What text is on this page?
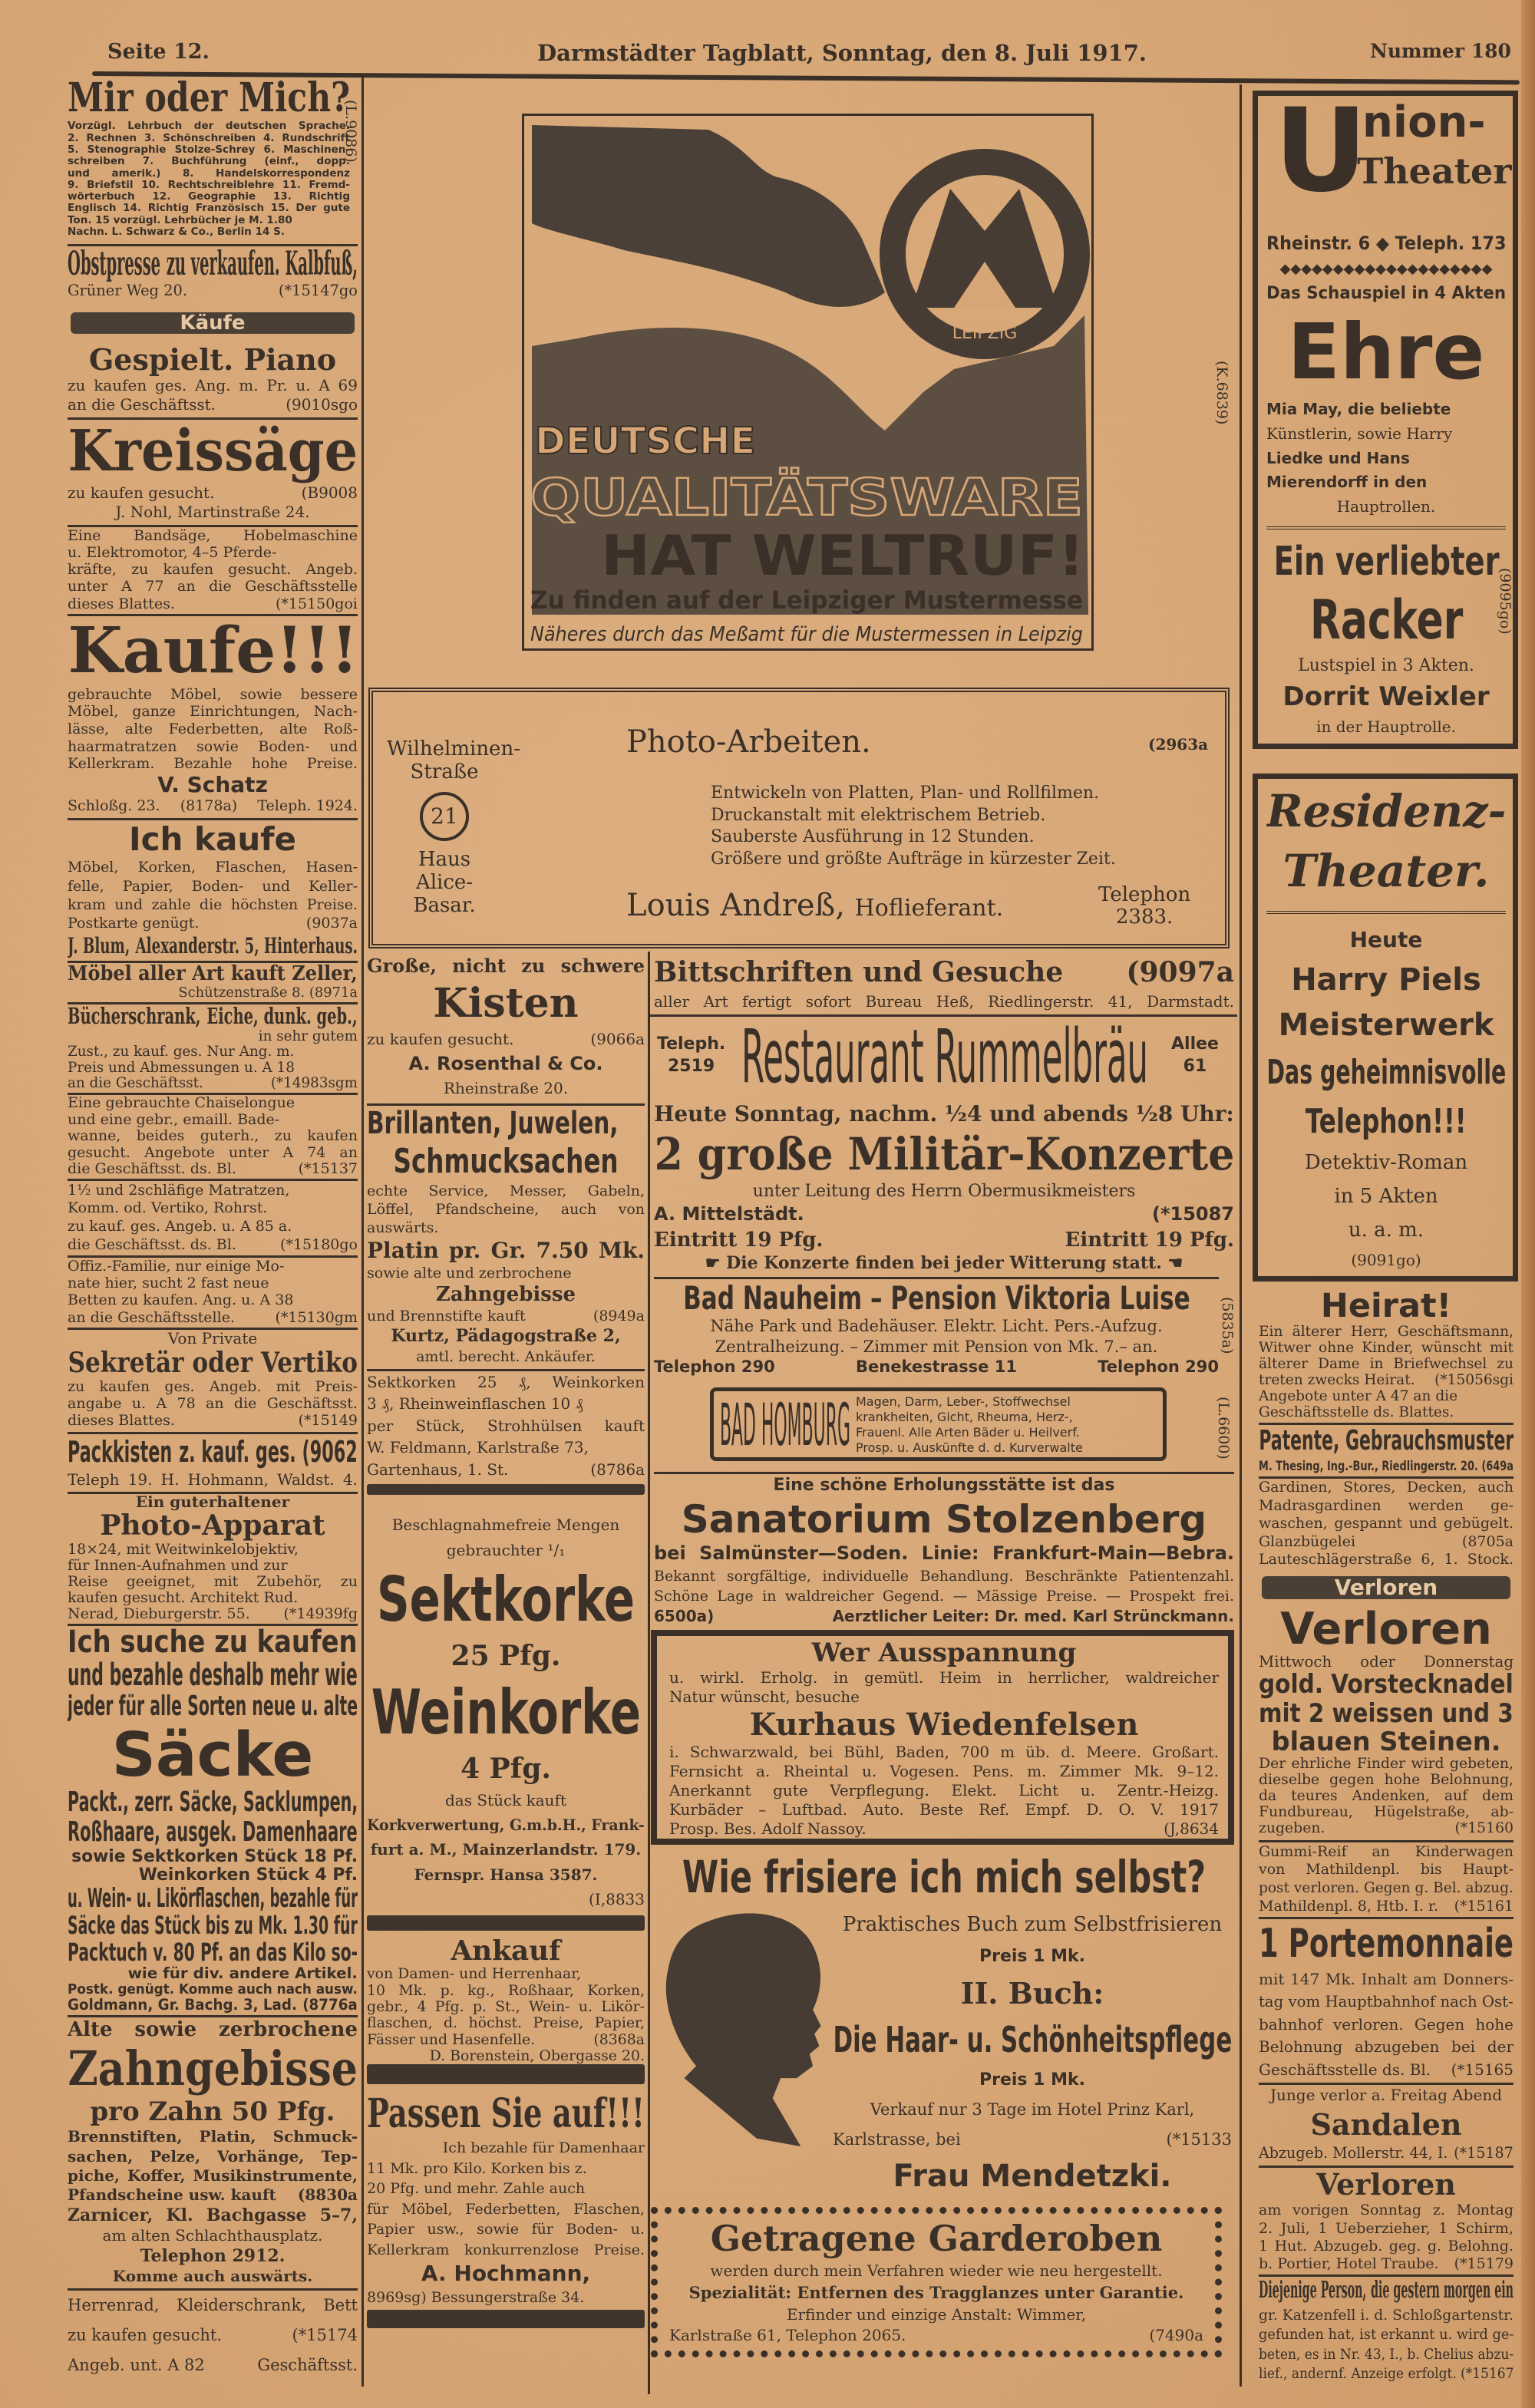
Seite 12.	Darmstädter Tagblatt, Sonntag, den 8. Juli 1917.	Nummer 180
(L.9086)
(K.6839)
(9095go)
(5835a)
(L.6600)
LEIPZIG
DEUTSCHE
QUALITÄTSWARE
HAT WELTRUF!
Zu finden auf der Leipziger Mustermesse
Näheres durch das Meßamt für die Mustermessen in Leipzig
Wilhelminen-
Straße
21
Haus Alice-
Basar.
Photo-Arbeiten.	(2963a
Entwickeln von Platten, Plan- und Rollfilmen.
Druckanstalt mit elektrischem Betrieb.
Sauberste Ausführung in 12 Stunden.
Größere und größte Aufträge in kürzester Zeit.
Louis Andreß, Hoflieferant.	Telephon
2383.
Teleph.
2519 Restaurant Rummelbräu Allee
61
BAD HOMBURG Magen, Darm, Leber-, Stoffwechsel
krankheiten, Gicht, Rheuma, Herz-,
Frauenl. Alle Arten Bäder u. Heilverf.
Prosp. u. Auskünfte d. d. Kurverwalte
U
nion-
Theater
Mir oder Mich?
Vorzügl. Lehrbuch der deutschen Sprache.
2. Rechnen 3. Schönschreiben 4. Rundschrift
5. Stenographie Stolze-Schrey 6. Maschinen-
schreiben 7. Buchführung (einf., dopp.
und amerik.) 8. Handelskorrespondenz
9. Briefstil 10. Rechtschreiblehre 11. Fremd-
wörterbuch 12. Geographie 13. Richtig
Englisch 14. Richtig Französisch 15. Der gute
Ton. 15 vorzügl. Lehrbücher je M. 1.80
Nachn. L. Schwarz & Co., Berlin 14 S.
Obstpresse zu verkaufen. Kalbfuß,
Grüner Weg 20.	(*15147go
Käufe
Gespielt. Piano
zu kaufen ges. Ang. m. Pr. u. A 69
an die Geschäftsst.	(9010sgo
Kreissäge
zu kaufen gesucht.	(B9008
J. Nohl, Martinstraße 24.
Eine Bandsäge, Hobelmaschine
u. Elektromotor, 4–5 Pferde-
kräfte, zu kaufen gesucht. Angeb.
unter A 77 an die Geschäftsstelle
dieses Blattes.	(*15150goi
Kaufe!!!
gebrauchte Möbel, sowie bessere
Möbel, ganze Einrichtungen, Nach-
lässe, alte Federbetten, alte Roß-
haarmatratzen sowie Boden- und
Kellerkram. Bezahle hohe Preise.
V. Schatz
Schloßg. 23. (8178a) Teleph. 1924.
Ich kaufe
Möbel, Korken, Flaschen, Hasen-
felle, Papier, Boden- und Keller-
kram und zahle die höchsten Preise.
Postkarte genügt.	(9037a
J. Blum, Alexanderstr. 5, Hinterhaus.
Möbel aller Art kauft Zeller,
Schützenstraße 8. (8971a
Bücherschrank, Eiche, dunk. geb.,
in sehr gutem
Zust., zu kauf. ges. Nur Ang. m.
Preis und Abmessungen u. A 18
an die Geschäftsst.	(*14983sgm
Eine gebrauchte Chaiselongue
und eine gebr., emaill. Bade-
wanne, beides guterh., zu kaufen
gesucht. Angebote unter A 74 an
die Geschäftsst. ds. Bl.	(*15137
1½ und 2schläfige Matratzen,
Komm. od. Vertiko, Rohrst.
zu kauf. ges. Angeb. u. A 85 a.
die Geschäftsst. ds. Bl.	(*15180go
Offiz.-Familie, nur einige Mo-
nate hier, sucht 2 fast neue
Betten zu kaufen. Ang. u. A 38
an die Geschäftsstelle.	(*15130gm
Von Private
Sekretär oder Vertiko
zu kaufen ges. Angeb. mit Preis-
angabe u. A 78 an die Geschäftsst.
dieses Blattes.	(*15149
Packkisten z. kauf. ges. (9062
Teleph 19. H. Hohmann, Waldst. 4.
Ein guterhaltener
Photo-Apparat
18×24, mit Weitwinkelobjektiv,
für Innen-Aufnahmen und zur
Reise geeignet, mit Zubehör, zu
kaufen gesucht. Architekt Rud.
Nerad, Dieburgerstr. 55. (*14939fg
Ich suche zu kaufen
und bezahle deshalb mehr wie
jeder für alle Sorten neue u. alte
Säcke
Packt., zerr. Säcke, Sacklumpen,
Roßhaare, ausgek. Damenhaare
sowie Sektkorken Stück 18 Pf.
Weinkorken Stück 4 Pf.
u. Wein- u. Likörflaschen, bezahle für
Säcke das Stück bis zu Mk. 1.30 für
Packtuch v. 80 Pf. an das Kilo so-
wie für div. andere Artikel.
Postk. genügt. Komme auch nach ausw.
Goldmann, Gr. Bachg. 3, Lad. (8776a
Alte sowie zerbrochene
Zahngebisse
pro Zahn 50 Pfg.
Brennstiften, Platin, Schmuck-
sachen, Pelze, Vorhänge, Tep-
piche, Koffer, Musikinstrumente,
Pfandscheine usw. kauft (8830a
Zarnicer, Kl. Bachgasse 5–7,
am alten Schlachthausplatz.
Telephon 2912.
Komme auch auswärts.
Herrenrad, Kleiderschrank, Bett
zu kaufen gesucht.	(*15174
Angeb. unt. A 82	Geschäftsst.
Große, nicht zu schwere
Kisten
zu kaufen gesucht.	(9066a
A. Rosenthal & Co.
Rheinstraße 20.
Brillanten, Juwelen,
Schmucksachen
echte Service, Messer, Gabeln,
Löffel, Pfandscheine, auch von
auswärts.
Platin pr. Gr. 7.50 Mk.
sowie alte und zerbrochene
Zahngebisse
und Brennstifte kauft	(8949a
Kurtz, Pädagogstraße 2,
amtl. berecht. Ankäufer.
Sektkorken 25 ₰, Weinkorken
3 ₰, Rheinweinflaschen 10 ₰
per Stück, Strohhülsen kauft
W. Feldmann, Karlstraße 73,
Gartenhaus, 1. St.	(8786a
Beschlagnahmefreie Mengen
gebrauchter ¹/₁
Sektkorke
25 Pfg.
Weinkorke
4 Pfg.
das Stück kauft
Korkverwertung, G.m.b.H., Frank-
furt a. M., Mainzerlandstr. 179.
Fernspr. Hansa 3587.
(I,8833
Ankauf
von Damen- und Herrenhaar,
10 Mk. p. kg., Roßhaar, Korken,
gebr., 4 Pfg. p. St., Wein- u. Likör-
flaschen, d. höchst. Preise, Papier,
Fässer und Hasenfelle.	(8368a
D. Borenstein, Obergasse 20.
Passen Sie auf!!!
Ich bezahle für Damenhaar
11 Mk. pro Kilo. Korken bis z.
20 Pfg. und mehr. Zahle auch
für Möbel, Federbetten, Flaschen,
Papier usw., sowie für Boden- u.
Kellerkram konkurrenzlose Preise.
A. Hochmann,
8969sg) Bessungerstraße 34.
Bittschriften und Gesuche (9097a
aller Art fertigt sofort Bureau Heß, Riedlingerstr. 41, Darmstadt.
Heute Sonntag, nachm. ½4 und abends ½8 Uhr:
2 große Militär-Konzerte
unter Leitung des Herrn Obermusikmeisters
A. Mittelstädt.	(*15087
Eintritt 19 Pfg.	Eintritt 19 Pfg.
☛ Die Konzerte finden bei jeder Witterung statt. ☚
Bad Nauheim – Pension Viktoria Luise
Nähe Park und Badehäuser. Elektr. Licht. Pers.-Aufzug.
Zentralheizung. – Zimmer mit Pension von Mk. 7.– an.
Telephon 290	Benekestrasse 11	Telephon 290
Eine schöne Erholungsstätte ist das
Sanatorium Stolzenberg
bei Salmünster—Soden. Linie: Frankfurt-Main—Bebra.
Bekannt sorgfältige, individuelle Behandlung. Beschränkte Patientenzahl.
Schöne Lage in waldreicher Gegend. — Mässige Preise. — Prospekt frei.
6500a)	Aerztlicher Leiter: Dr. med. Karl Strünckmann.
Wer Ausspannung
u. wirkl. Erholg. in gemütl. Heim in herrlicher, waldreicher
Natur wünscht, besuche
Kurhaus Wiedenfelsen
i. Schwarzwald, bei Bühl, Baden, 700 m üb. d. Meere. Großart.
Fernsicht a. Rheintal u. Vogesen. Pens. m. Zimmer Mk. 9–12.
Anerkannt gute Verpflegung. Elekt. Licht u. Zentr.-Heizg.
Kurbäder – Luftbad. Auto. Beste Ref. Empf. D. O. V. 1917
Prosp. Bes. Adolf Nassoy.	(J,8634
Wie frisiere ich mich selbst?
Praktisches Buch zum Selbstfrisieren
Preis 1 Mk.
II. Buch:
Die Haar- u. Schönheitspflege
Preis 1 Mk.
Verkauf nur 3 Tage im Hotel Prinz Karl,
Karlstrasse, bei	(*15133
Frau Mendetzki.
Getragene Garderoben
werden durch mein Verfahren wieder wie neu hergestellt.
Spezialität: Entfernen des Tragglanzes unter Garantie.
Erfinder und einzige Anstalt: Wimmer,
Karlstraße 61, Telephon 2065.	(7490a
Rheinstr. 6 ◆ Teleph. 173
◆◆◆◆◆◆◆◆◆◆◆◆◆◆◆◆◆◆◆◆
Das Schauspiel in 4 Akten
Ehre
Mia May, die beliebte
Künstlerin, sowie Harry
Liedke und Hans
Mierendorff in den
Hauptrollen.
Ein verliebter
Racker
Lustspiel in 3 Akten.
Dorrit Weixler
in der Hauptrolle.
Residenz-
Theater.
Heute
Harry Piels
Meisterwerk
Das geheimnisvolle
Telephon!!!
Detektiv-Roman
in 5 Akten
u. a. m.
(9091go)
Heirat!
Ein älterer Herr, Geschäftsmann,
Witwer ohne Kinder, wünscht mit
älterer Dame in Briefwechsel zu
treten zwecks Heirat. (*15056sgi
Angebote unter A 47 an die
Geschäftsstelle ds. Blattes.
Patente, Gebrauchsmuster
M. Thesing, Ing.-Bur., Riedlingerstr. 20. (649a
Gardinen, Stores, Decken, auch
Madrasgardinen werden ge-
waschen, gespannt und gebügelt.
Glanzbügelei	(8705a
Lauteschlägerstraße 6, 1. Stock.
Verloren
Verloren
Mittwoch oder Donnerstag
gold. Vorstecknadel
mit 2 weissen und 3
blauen Steinen.
Der ehrliche Finder wird gebeten,
dieselbe gegen hohe Belohnung,
da teures Andenken, auf dem
Fundbureau, Hügelstraße, ab-
zugeben.	(*15160
Gummi-Reif an Kinderwagen
von Mathildenpl. bis Haupt-
post verloren. Gegen g. Bel. abzug.
Mathildenpl. 8, Htb. I. r. (*15161
1 Portemonnaie
mit 147 Mk. Inhalt am Donners-
tag vom Hauptbahnhof nach Ost-
bahnhof verloren. Gegen hohe
Belohnung abzugeben bei der
Geschäftsstelle ds. Bl. (*15165
Junge verlor a. Freitag Abend
Sandalen
Abzugeb. Mollerstr. 44, I. (*15187
Verloren
am vorigen Sonntag z. Montag
2. Juli, 1 Ueberzieher, 1 Schirm,
1 Hut. Abzugeb. geg. g. Belohng.
b. Portier, Hotel Traube. (*15179
Diejenige Person, die gestern morgen ein
gr. Katzenfell i. d. Schloßgartenstr.
gefunden hat, ist erkannt u. wird ge-
beten, es in Nr. 43, I., b. Chelius abzu-
lief., andernf. Anzeige erfolgt. (*15167
